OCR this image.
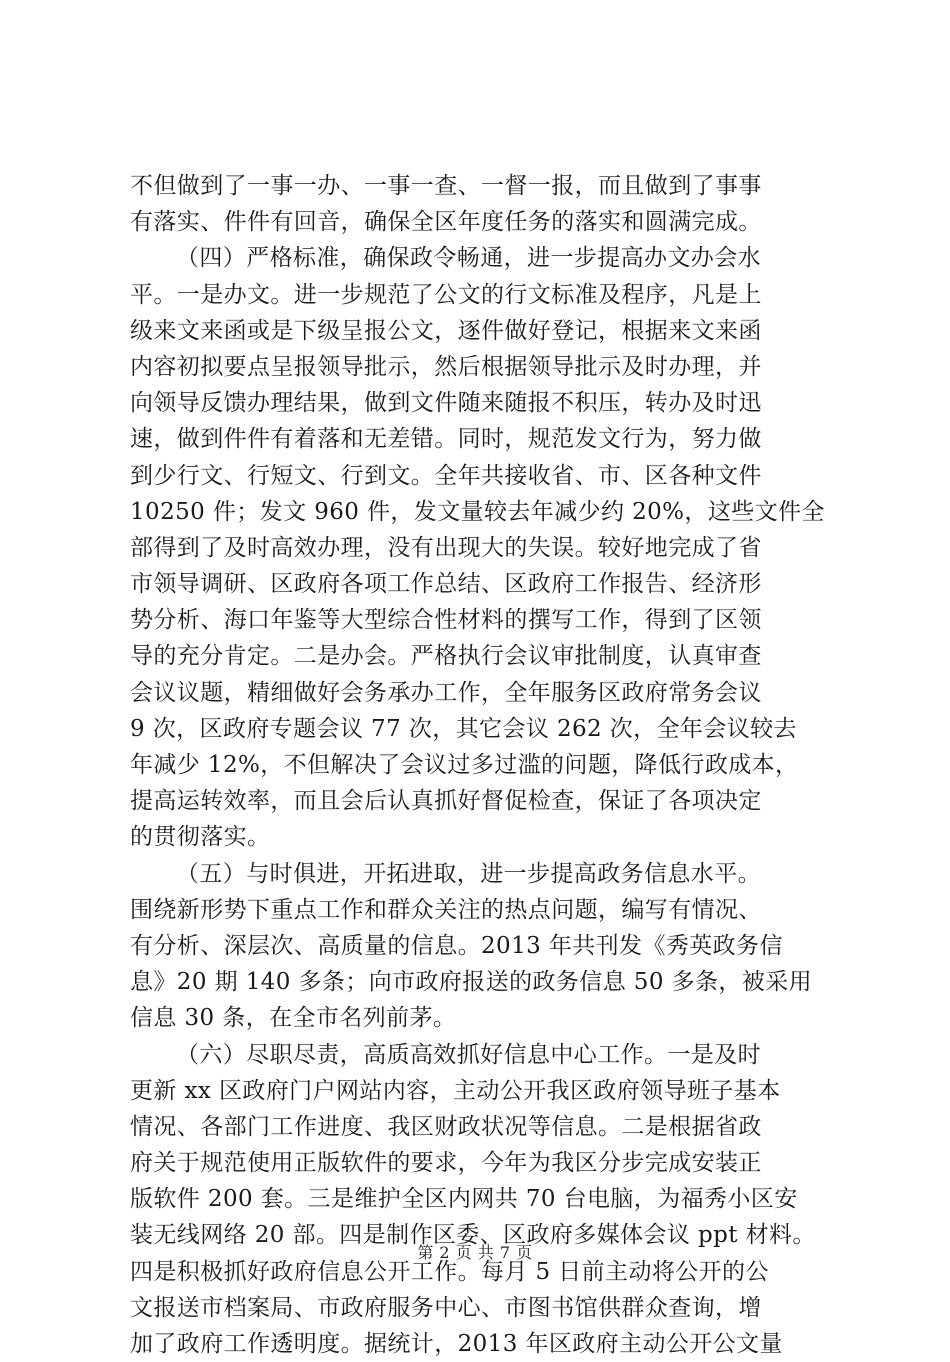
不但做到了一事一办、一事一查、一督一报，而且做到了事事
有落实、件件有回音，确保全区年度任务的落实和圆满完成。
（四）严格标准，确保政令畅通，进一步提高办文办会水
平。一是办文。进一步规范了公文的行文标准及程序，凡是上
级来文来函或是下级呈报公文，逐件做好登记，根据来文来函
内容初拟要点呈报领导批示，然后根据领导批示及时办理，并
向领导反馈办理结果，做到文件随来随报不积压，转办及时迅
速，做到件件有着落和无差错。同时，规范发文行为，努力做
到少行文、行短文、行到文。全年共接收省、市、区各种文件
10250 件；发文 960 件，发文量较去年减少约 20%，这些文件全
部得到了及时高效办理，没有出现大的失误。较好地完成了省
市领导调研、区政府各项工作总结、区政府工作报告、经济形
势分析、海口年鉴等大型综合性材料的撰写工作，得到了区领
导的充分肯定。二是办会。严格执行会议审批制度，认真审查
会议议题，精细做好会务承办工作，全年服务区政府常务会议
9 次，区政府专题会议 77 次，其它会议 262 次，全年会议较去
年减少 12%，不但解决了会议过多过滥的问题，降低行政成本，
提高运转效率，而且会后认真抓好督促检查，保证了各项决定
的贯彻落实。
（五）与时俱进，开拓进取，进一步提高政务信息水平。
围绕新形势下重点工作和群众关注的热点问题，编写有情况、
有分析、深层次、高质量的信息。2013 年共刊发《秀英政务信
息》20 期 140 多条；向市政府报送的政务信息 50 多条，被采用
信息 30 条，在全市名列前茅。
（六）尽职尽责，高质高效抓好信息中心工作。一是及时
更新 xx 区政府门户网站内容，主动公开我区政府领导班子基本
情况、各部门工作进度、我区财政状况等信息。二是根据省政
府关于规范使用正版软件的要求，今年为我区分步完成安装正
版软件 200 套。三是维护全区内网共 70 台电脑，为福秀小区安
装无线网络 20 部。四是制作区委、区政府多媒体会议 ppt 材料。
四是积极抓好政府信息公开工作。每月 5 日前主动将公开的公
文报送市档案局、市政府服务中心、市图书馆供群众查询，增
加了政府工作透明度。据统计，2013 年区政府主动公开公文量
第 2 页 共 7 页
